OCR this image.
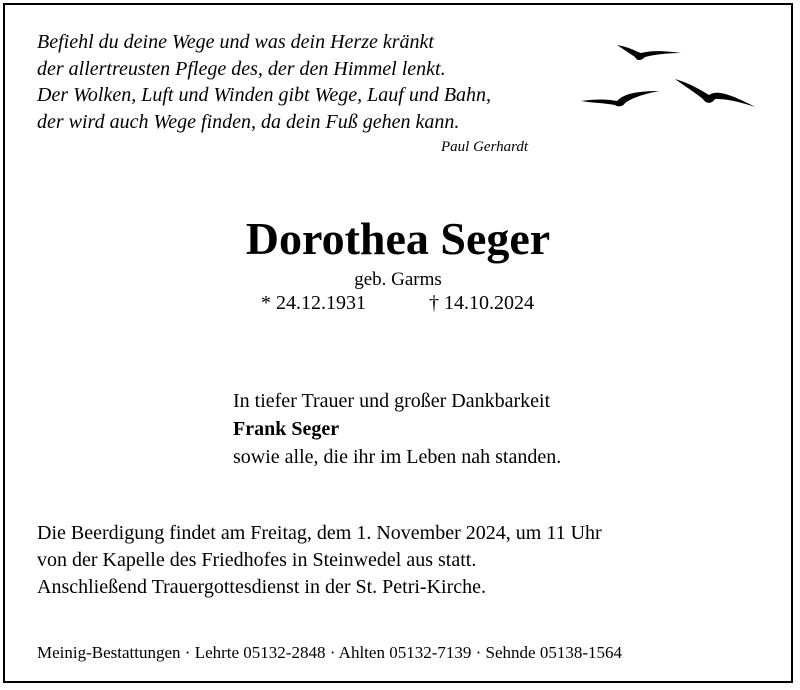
Befiehl du deine Wege und was dein Herze kränkt
der allertreusten Pflege des, der den Himmel lenkt.
Der Wolken, Luft und Winden gibt Wege, Lauf und Bahn,
der wird auch Wege finden, da dein Fuß gehen kann.
Paul Gerhardt
Dorothea Seger
geb. Garms
* 24.12.1931	† 14.10.2024
In tiefer Trauer und großer Dankbarkeit
Frank Seger
sowie alle, die ihr im Leben nah standen.
Die Beerdigung findet am Freitag, dem 1. November 2024, um 11 Uhr
von der Kapelle des Friedhofes in Steinwedel aus statt.
Anschließend Trauergottesdienst in der St. Petri-Kirche.
Meinig-Bestattungen · Lehrte 05132-2848 · Ahlten 05132-7139 · Sehnde 05138-1564
